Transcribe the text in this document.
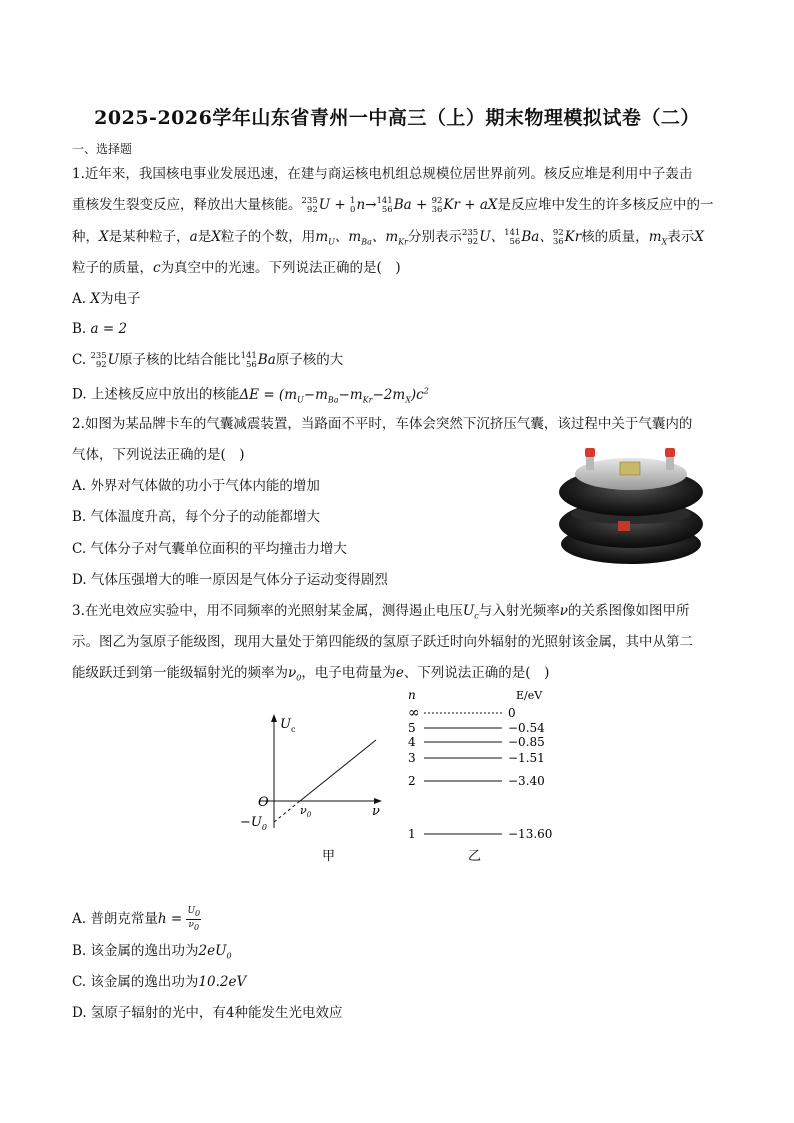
2025-2026学年山东省青州一中高三（上）期末物理模拟试卷（二）
一、选择题
1.近年来，我国核电事业发展迅速，在建与商运核电机组总规模位居世界前列。核反应堆是利用中子轰击
重核发生裂变反应，释放出大量核能。 235
92 U + 1
0 n→ 141
56 Ba + 92
36 Kr + aX是反应堆中发生的许多核反应中的一
种，X是某种粒子，a是X粒子的个数，用$m_U$、$m_{Ba}$、$m_{Kr}$分别表示 235
92 U、 141
56 Ba、 92
36 Kr核的质量，$m_X$表示X
粒子的质量，c为真空中的光速。下列说法正确的是(　)
A. X为电子
B. a = 2
C. 235
92 U原子核的比结合能比 141
56 Ba原子核的大
D. 上述核反应中放出的核能$\Delta E = (m_U-m_{Ba}-m_{Kr}-2m_X)c^2$
2.如图为某品牌卡车的气囊减震装置，当路面不平时，车体会突然下沉挤压气囊，该过程中关于气囊内的
气体，下列说法正确的是(　)
A. 外界对气体做的功小于气体内能的增加
B. 气体温度升高，每个分子的动能都增大
C. 气体分子对气囊单位面积的平均撞击力增大
D. 气体压强增大的唯一原因是气体分子运动变得剧烈
3.在光电效应实验中，用不同频率的光照射某金属，测得遏止电压$U_c$与入射光频率ν的关系图像如图甲所
示。图乙为氢原子能级图，现用大量处于第四能级的氢原子跃迁时向外辐射的光照射该金属，其中从第二
能级跃迁到第一能级辐射光的频率为$\nu_0$，电子电荷量为e、下列说法正确的是(　)
$U_c$
ν
O
$\nu_0$
$-U_0$
甲
n	E/eV
∞	0
5	−0.54
4	−0.85
3	−1.51
2	−3.40
1	−13.60
乙
A. 普朗克常量$h = \frac{U_0}{\nu_0}$
B. 该金属的逸出功为$2eU_0$
C. 该金属的逸出功为10.2eV
D. 氢原子辐射的光中，有4种能发生光电效应
